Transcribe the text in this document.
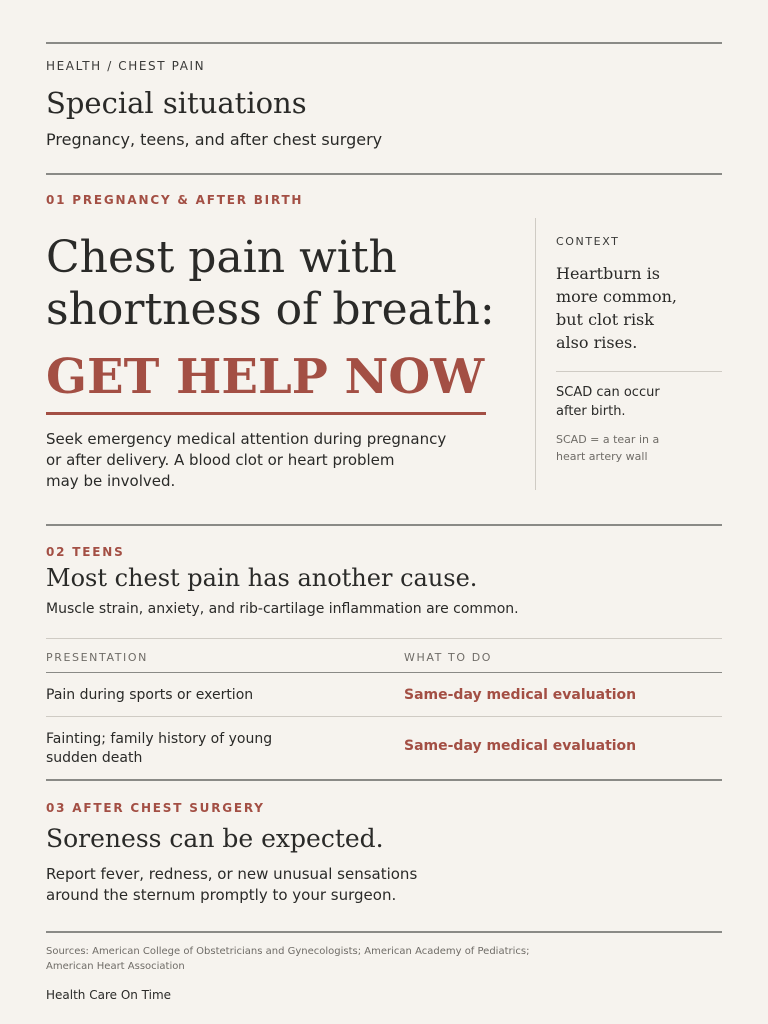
HEALTH / CHEST PAIN
Special situations
Pregnancy, teens, and after chest surgery
01 PREGNANCY & AFTER BIRTH
Chest pain with
shortness of breath:
GET HELP NOW
Seek emergency medical attention during pregnancy
or after delivery. A blood clot or heart problem
may be involved.
CONTEXT
Heartburn is
more common,
but clot risk
also rises.
SCAD can occur
after birth.
SCAD = a tear in a
heart artery wall
02 TEENS
Most chest pain has another cause.
Muscle strain, anxiety, and rib-cartilage inflammation are common.
PRESENTATION	WHAT TO DO
Pain during sports or exertion	Same-day medical evaluation
Fainting; family history of young
sudden death
Same-day medical evaluation
03 AFTER CHEST SURGERY
Soreness can be expected.
Report fever, redness, or new unusual sensations
around the sternum promptly to your surgeon.
Sources: American College of Obstetricians and Gynecologists; American Academy of Pediatrics;
American Heart Association
Health Care On Time
